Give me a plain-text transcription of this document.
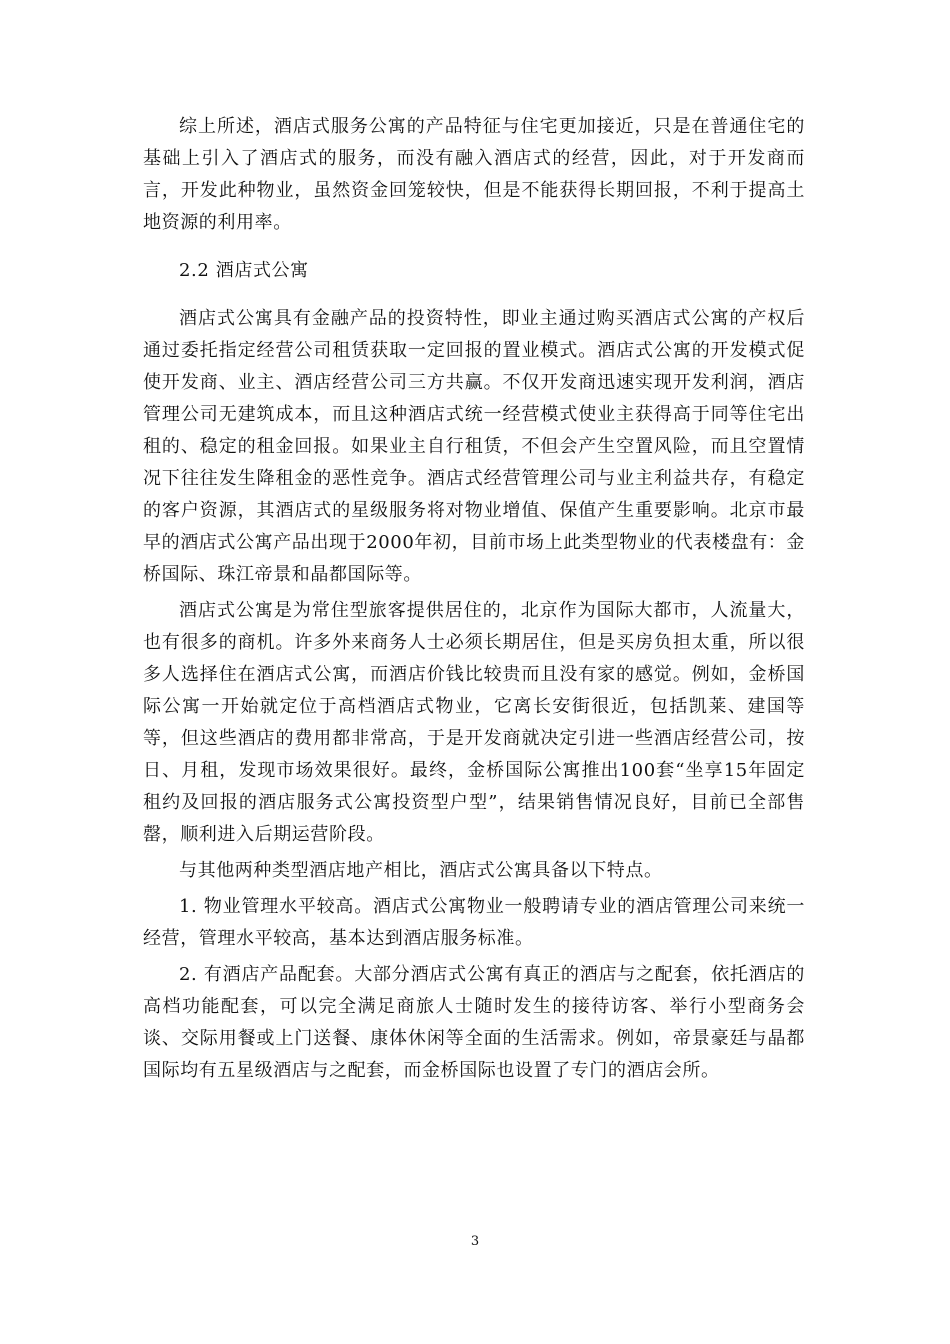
综上所述，酒店式服务公寓的产品特征与住宅更加接近，只是在普通住宅的基础上引入了酒店式的服务，而没有融入酒店式的经营，因此，对于开发商而言，开发此种物业，虽然资金回笼较快，但是不能获得长期回报，不利于提高土地资源的利用率。

2.2 酒店式公寓

酒店式公寓具有金融产品的投资特性，即业主通过购买酒店式公寓的产权后通过委托指定经营公司租赁获取一定回报的置业模式。酒店式公寓的开发模式促使开发商、业主、酒店经营公司三方共赢。不仅开发商迅速实现开发利润，酒店管理公司无建筑成本，而且这种酒店式统一经营模式使业主获得高于同等住宅出租的、稳定的租金回报。如果业主自行租赁，不但会产生空置风险，而且空置情况下往往发生降租金的恶性竞争。酒店式经营管理公司与业主利益共存，有稳定的客户资源，其酒店式的星级服务将对物业增值、保值产生重要影响。北京市最早的酒店式公寓产品出现于2000年初，目前市场上此类型物业的代表楼盘有：金桥国际、珠江帝景和晶都国际等。

酒店式公寓是为常住型旅客提供居住的，北京作为国际大都市，人流量大，也有很多的商机。许多外来商务人士必须长期居住，但是买房负担太重，所以很多人选择住在酒店式公寓，而酒店价钱比较贵而且没有家的感觉。例如，金桥国际公寓一开始就定位于高档酒店式物业，它离长安街很近，包括凯莱、建国等等，但这些酒店的费用都非常高，于是开发商就决定引进一些酒店经营公司，按日、月租，发现市场效果很好。最终，金桥国际公寓推出100套“坐享15年固定租约及回报的酒店服务式公寓投资型户型”，结果销售情况良好，目前已全部售罄，顺利进入后期运营阶段。

与其他两种类型酒店地产相比，酒店式公寓具备以下特点。

1. 物业管理水平较高。酒店式公寓物业一般聘请专业的酒店管理公司来统一经营，管理水平较高，基本达到酒店服务标准。

2. 有酒店产品配套。大部分酒店式公寓有真正的酒店与之配套，依托酒店的高档功能配套，可以完全满足商旅人士随时发生的接待访客、举行小型商务会谈、交际用餐或上门送餐、康体休闲等全面的生活需求。例如，帝景豪廷与晶都国际均有五星级酒店与之配套，而金桥国际也设置了专门的酒店会所。

3
